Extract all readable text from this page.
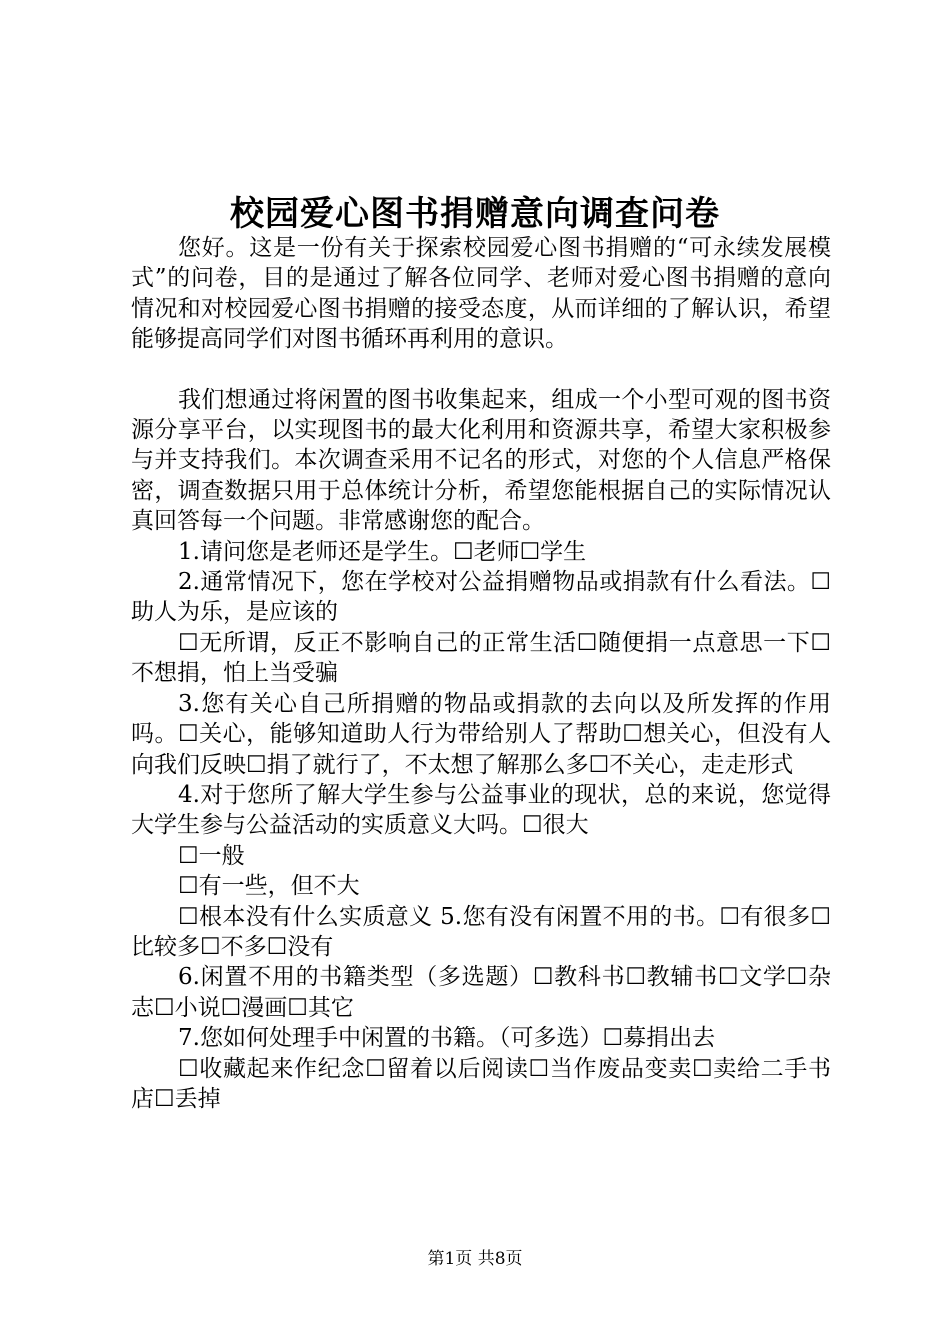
校园爱心图书捐赠意向调查问卷

您好。这是一份有关于探索校园爱心图书捐赠的“可永续发展模式”的问卷，目的是通过了解各位同学、老师对爱心图书捐赠的意向情况和对校园爱心图书捐赠的接受态度，从而详细的了解认识，希望能够提高同学们对图书循环再利用的意识。

我们想通过将闲置的图书收集起来，组成一个小型可观的图书资源分享平台，以实现图书的最大化利用和资源共享，希望大家积极参与并支持我们。本次调查采用不记名的形式，对您的个人信息严格保密，调查数据只用于总体统计分析，希望您能根据自己的实际情况认真回答每一个问题。非常感谢您的配合。

1.请问您是老师还是学生。☐老师☐学生

2.通常情况下，您在学校对公益捐赠物品或捐款有什么看法。☐助人为乐，是应该的

☐无所谓，反正不影响自己的正常生活☐随便捐一点意思一下☐不想捐，怕上当受骗

3.您有关心自己所捐赠的物品或捐款的去向以及所发挥的作用吗。☐关心，能够知道助人行为带给别人了帮助☐想关心，但没有人向我们反映☐捐了就行了，不太想了解那么多☐不关心，走走形式

4.对于您所了解大学生参与公益事业的现状，总的来说，您觉得大学生参与公益活动的实质意义大吗。☐很大

☐一般

☐有一些，但不大

☐根本没有什么实质意义 5.您有没有闲置不用的书。☐有很多☐比较多☐不多☐没有

6.闲置不用的书籍类型（多选题）☐教科书☐教辅书☐文学☐杂志☐小说☐漫画☐其它

7.您如何处理手中闲置的书籍。（可多选）☐募捐出去

☐收藏起来作纪念☐留着以后阅读☐当作废品变卖☐卖给二手书店☐丢掉

第1页 共8页
